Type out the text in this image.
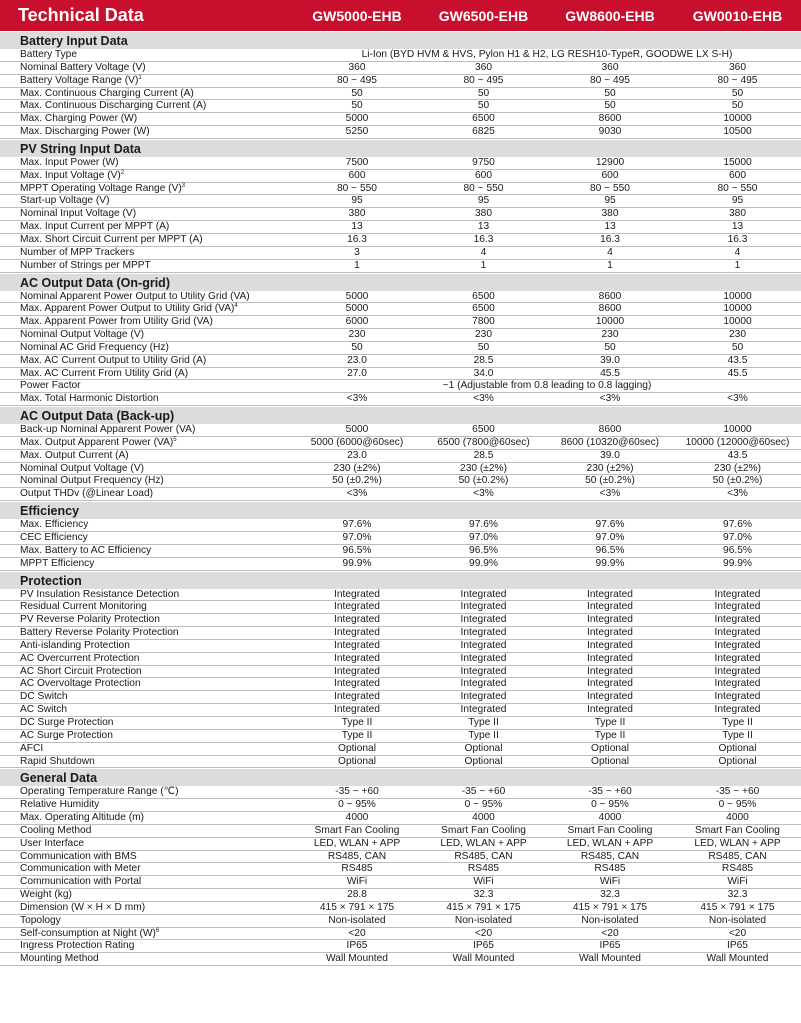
Technical Data	GW5000-EHB	GW6500-EHB	GW8600-EHB	GW0010-EHB
Battery Input Data
Battery Type	Li-Ion (BYD HVM & HVS, Pylon H1 & H2, LG RESH10-TypeR, GOODWE LX S-H)
Nominal Battery Voltage (V)	360	360	360	360
Battery Voltage Range $(V)^1$	80 ~ 495	80 ~ 495	80 ~ 495	80 ~ 495
Max. Continuous Charging Current (A)	50	50	50	50
Max. Continuous Discharging Current (A)	50	50	50	50
Max. Charging Power (W)	5000	6500	8600	10000
Max. Discharging Power (W)	5250	6825	9030	10500
PV String Input Data
Max. Input Power (W)	7500	9750	12900	15000
Max. Input Voltage $(V)^2$	600	600	600	600
MPPT Operating Voltage Range $(V)^3$	80 ~ 550	80 ~ 550	80 ~ 550	80 ~ 550
Start-up Voltage (V)	95	95	95	95
Nominal Input Voltage (V)	380	380	380	380
Max. Input Current per MPPT (A)	13	13	13	13
Max. Short Circuit Current per MPPT (A)	16.3	16.3	16.3	16.3
Number of MPP Trackers	3	4	4	4
Number of Strings per MPPT	1	1	1	1
AC Output Data (On-grid)
Nominal Apparent Power Output to Utility Grid (VA)	5000	6500	8600	10000
Max. Apparent Power Output to Utility Grid (VA)$^4$	5000	6500	8600	10000
Max. Apparent Power from Utility Grid (VA)	6000	7800	10000	10000
Nominal Output Voltage (V)	230	230	230	230
Nominal AC Grid Frequency (Hz)	50	50	50	50
Max. AC Current Output to Utility Grid (A)	23.0	28.5	39.0	43.5
Max. AC Current From Utility Grid (A)	27.0	34.0	45.5	45.5
Power Factor	~1 (Adjustable from 0.8 leading to 0.8 lagging)
Max. Total Harmonic Distortion	<3%	<3%	<3%	<3%
AC Output Data (Back-up)
Back-up Nominal Apparent Power (VA)	5000	6500	8600	10000
Max. Output Apparent Power (VA)$^5$	5000 (6000@60sec)	6500 (7800@60sec)	8600 (10320@60sec)	10000 (12000@60sec)
Max. Output Current (A)	23.0	28.5	39.0	43.5
Nominal Output Voltage (V)	230 (±2%)	230 (±2%)	230 (±2%)	230 (±2%)
Nominal Output Frequency (Hz)	50 (±0.2%)	50 (±0.2%)	50 (±0.2%)	50 (±0.2%)
Output THDv (@Linear Load)	<3%	<3%	<3%	<3%
Efficiency
Max. Efficiency	97.6%	97.6%	97.6%	97.6%
CEC Efficiency	97.0%	97.0%	97.0%	97.0%
Max. Battery to AC Efficiency	96.5%	96.5%	96.5%	96.5%
MPPT Efficiency	99.9%	99.9%	99.9%	99.9%
Protection
PV Insulation Resistance Detection	Integrated	Integrated	Integrated	Integrated
Residual Current Monitoring	Integrated	Integrated	Integrated	Integrated
PV Reverse Polarity Protection	Integrated	Integrated	Integrated	Integrated
Battery Reverse Polarity Protection	Integrated	Integrated	Integrated	Integrated
Anti-islanding Protection	Integrated	Integrated	Integrated	Integrated
AC Overcurrent Protection	Integrated	Integrated	Integrated	Integrated
AC Short Circuit Protection	Integrated	Integrated	Integrated	Integrated
AC Overvoltage Protection	Integrated	Integrated	Integrated	Integrated
DC Switch	Integrated	Integrated	Integrated	Integrated
AC Switch	Integrated	Integrated	Integrated	Integrated
DC Surge Protection	Type II	Type II	Type II	Type II
AC Surge Protection	Type II	Type II	Type II	Type II
AFCI	Optional	Optional	Optional	Optional
Rapid Shutdown	Optional	Optional	Optional	Optional
General Data
Operating Temperature Range (℃)	-35 ~ +60	-35 ~ +60	-35 ~ +60	-35 ~ +60
Relative Humidity	0 ~ 95%	0 ~ 95%	0 ~ 95%	0 ~ 95%
Max. Operating Altitude (m)	4000	4000	4000	4000
Cooling Method	Smart Fan Cooling	Smart Fan Cooling	Smart Fan Cooling	Smart Fan Cooling
User Interface	LED, WLAN + APP	LED, WLAN + APP	LED, WLAN + APP	LED, WLAN + APP
Communication with BMS	RS485, CAN	RS485, CAN	RS485, CAN	RS485, CAN
Communication with Meter	RS485	RS485	RS485	RS485
Communication with Portal	WiFi	WiFi	WiFi	WiFi
Weight (kg)	28.8	32.3	32.3	32.3
Dimension (W × H × D mm)	415 × 791 × 175	415 × 791 × 175	415 × 791 × 175	415 × 791 × 175
Topology	Non-isolated	Non-isolated	Non-isolated	Non-isolated
Self-consumption at Night $(W)^6$	<20	<20	<20	<20
Ingress Protection Rating	IP65	IP65	IP65	IP65
Mounting Method	Wall Mounted	Wall Mounted	Wall Mounted	Wall Mounted
